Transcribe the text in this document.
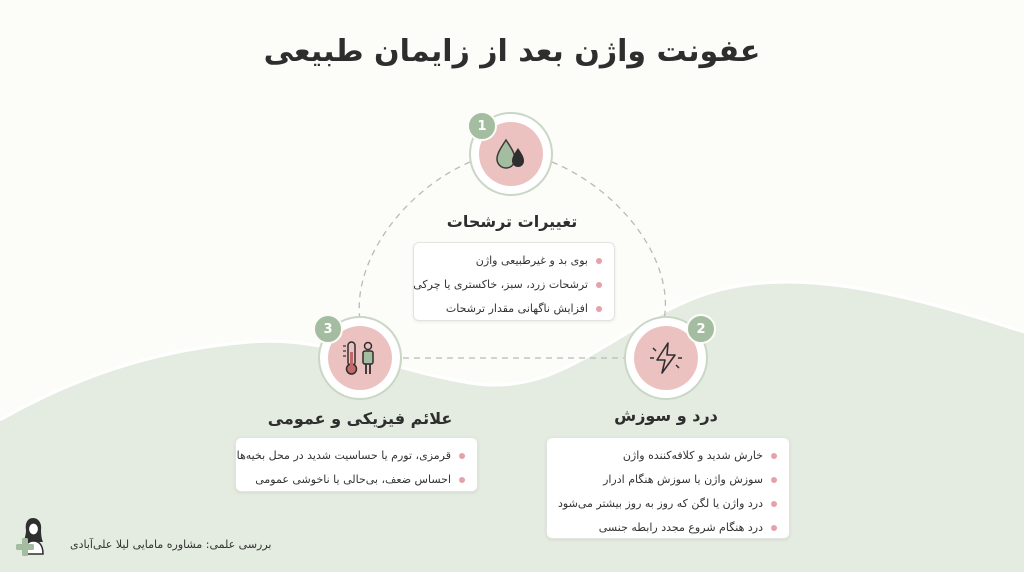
عفونت واژن بعد از زایمان طبیعی
1
تغییرات ترشحات
بوی بد و غیرطبیعی واژن
ترشحات زرد، سبز، خاکستری یا چرکی
افزایش ناگهانی مقدار ترشحات
2
درد و سوزش
خارش شدید و کلافه‌کننده واژن
سوزش واژن یا سوزش هنگام ادرار
درد واژن یا لگن که روز به روز بیشتر می‌شود
درد هنگام شروع مجدد رابطه جنسی
3
علائم فیزیکی و عمومی
قرمزی، تورم یا حساسیت شدید در محل بخیه‌ها
احساس ضعف، بی‌حالی یا ناخوشی عمومی
بررسی علمی: مشاوره مامایی لیلا علی‌آبادی
